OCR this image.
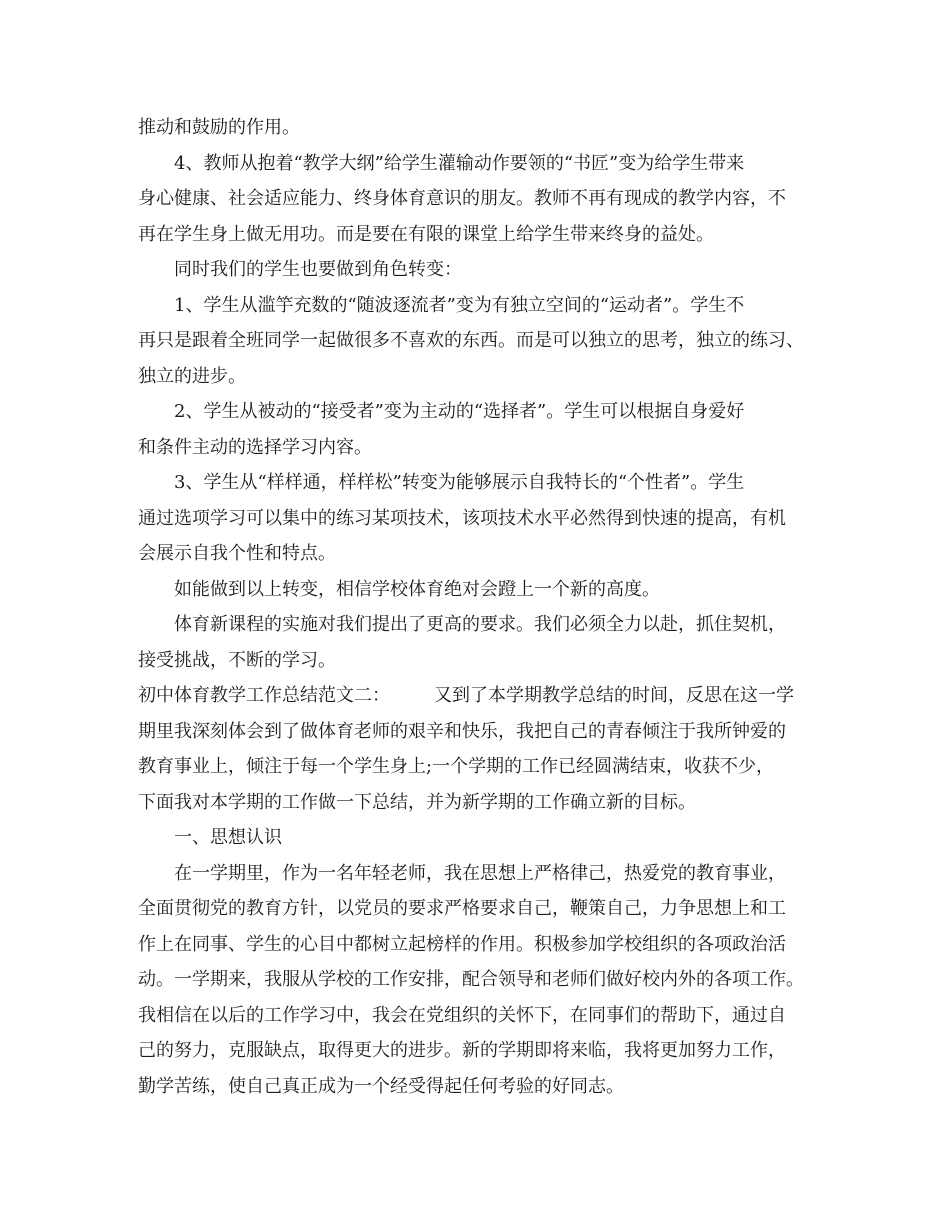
推动和鼓励的作用。
4、教师从抱着“教学大纲”给学生灌输动作要领的“书匠”变为给学生带来
身心健康、社会适应能力、终身体育意识的朋友。教师不再有现成的教学内容，不
再在学生身上做无用功。而是要在有限的课堂上给学生带来终身的益处。
同时我们的学生也要做到角色转变：
1、学生从滥竽充数的“随波逐流者”变为有独立空间的“运动者”。学生不
再只是跟着全班同学一起做很多不喜欢的东西。而是可以独立的思考，独立的练习、
独立的进步。
2、学生从被动的“接受者”变为主动的“选择者”。学生可以根据自身爱好
和条件主动的选择学习内容。
3、学生从“样样通，样样松”转变为能够展示自我特长的“个性者”。学生
通过选项学习可以集中的练习某项技术，该项技术水平必然得到快速的提高，有机
会展示自我个性和特点。
如能做到以上转变，相信学校体育绝对会蹬上一个新的高度。
体育新课程的实施对我们提出了更高的要求。我们必须全力以赴，抓住契机，
接受挑战，不断的学习。
初中体育教学工作总结范文二： 又到了本学期教学总结的时间，反思在这一学
期里我深刻体会到了做体育老师的艰辛和快乐，我把自己的青春倾注于我所钟爱的
教育事业上，倾注于每一个学生身上;一个学期的工作已经圆满结束，收获不少，
下面我对本学期的工作做一下总结，并为新学期的工作确立新的目标。
一、思想认识
在一学期里，作为一名年轻老师，我在思想上严格律己，热爱党的教育事业，
全面贯彻党的教育方针，以党员的要求严格要求自己，鞭策自己，力争思想上和工
作上在同事、学生的心目中都树立起榜样的作用。积极参加学校组织的各项政治活
动。一学期来，我服从学校的工作安排，配合领导和老师们做好校内外的各项工作。
我相信在以后的工作学习中，我会在党组织的关怀下，在同事们的帮助下，通过自
己的努力，克服缺点，取得更大的进步。新的学期即将来临，我将更加努力工作，
勤学苦练，使自己真正成为一个经受得起任何考验的好同志。
